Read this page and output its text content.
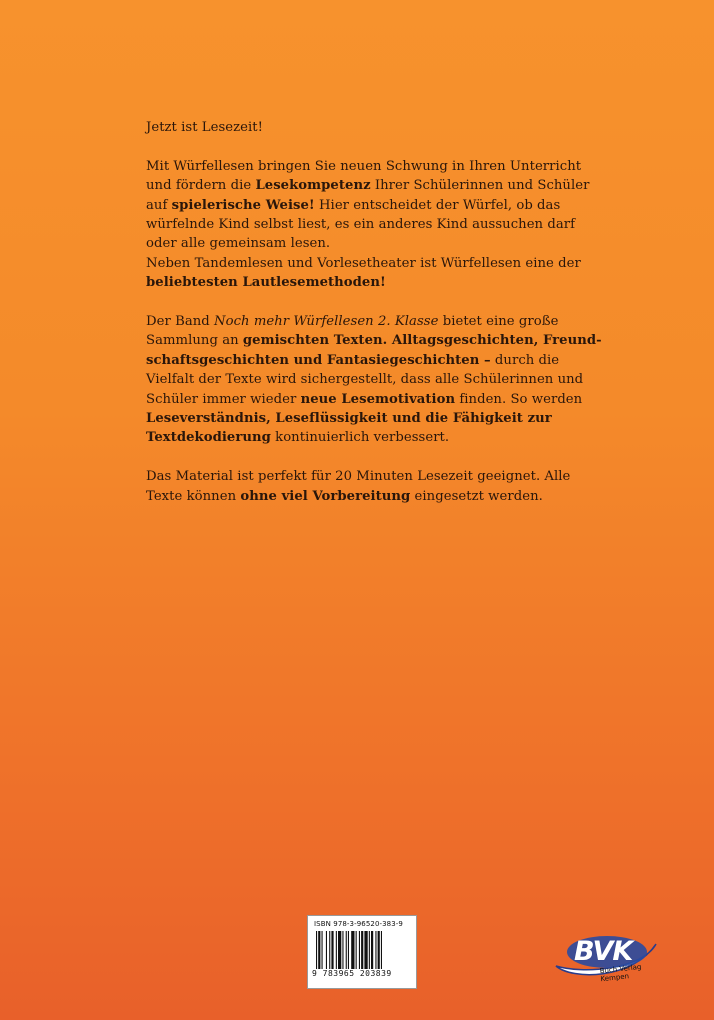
Jetzt ist Lesezeit!

Mit Würfellesen bringen Sie neuen Schwung in Ihren Unterricht und fördern die Lesekompetenz Ihrer Schülerinnen und Schüler auf spielerische Weise! Hier entscheidet der Würfel, ob das würfelnde Kind selbst liest, es ein anderes Kind aussuchen darf oder alle gemeinsam lesen.

Neben Tandemlesen und Vorlesetheater ist Würfellesen eine der beliebtesten Lautlesemethoden!

Der Band Noch mehr Würfellesen 2. Klasse bietet eine große Sammlung an gemischten Texten. Alltagsgeschichten, Freundschaftsgeschichten und Fantasiegeschichten – durch die Vielfalt der Texte wird sichergestellt, dass alle Schülerinnen und Schüler immer wieder neue Lesemotivation finden. So werden Leseverständnis, Leseflüssigkeit und die Fähigkeit zur Textdekodierung kontinuierlich verbessert.

Das Material ist perfekt für 20 Minuten Lesezeit geeignet. Alle Texte können ohne viel Vorbereitung eingesetzt werden.

ISBN 978-3-96520-383-9
9 783965 203839
BVK
Buch Verlag Kempen
